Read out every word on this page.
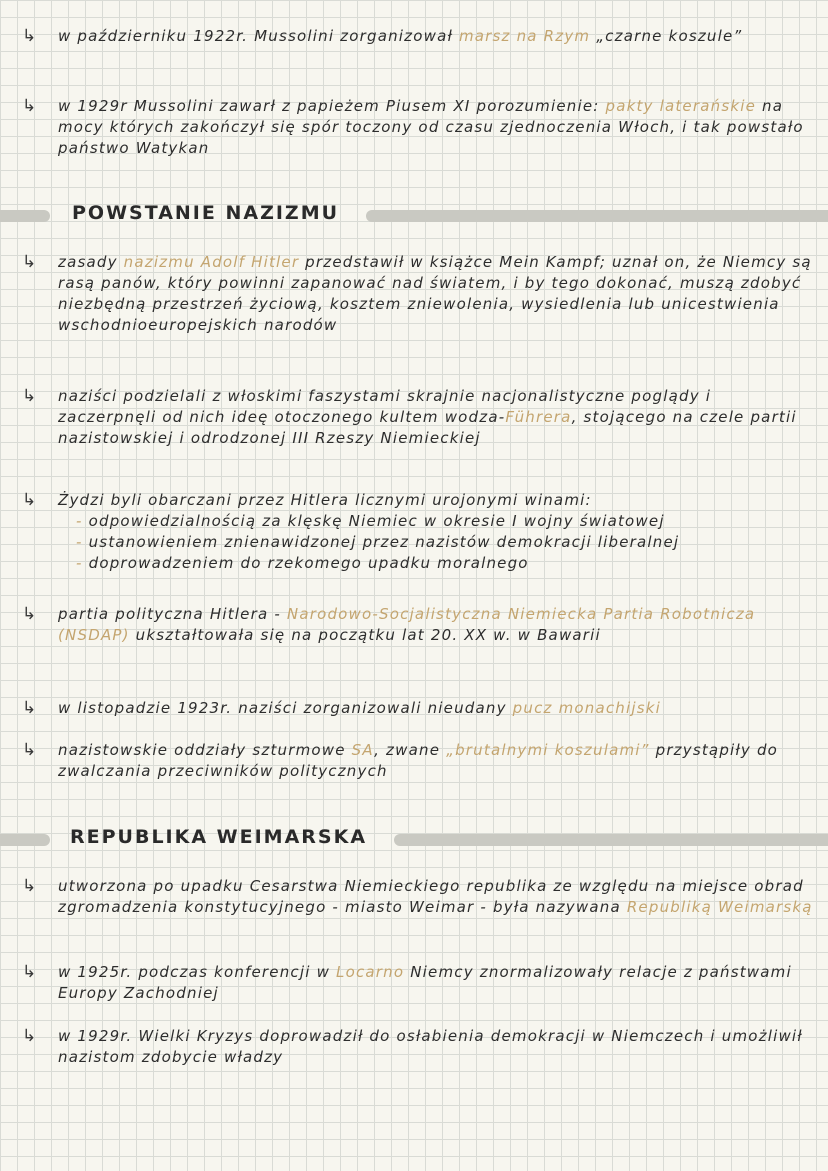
↳	w październiku 1922r. Mussolini zorganizował marsz na Rzym „czarne koszule”
↳	w 1929r Mussolini zawarł z papieżem Piusem XI porozumienie: pakty laterańskie na mocy których zakończył się spór toczony od czasu zjednoczenia Włoch, i tak powstało państwo Watykan
POWSTANIE NAZIZMU
↳	zasady nazizmu Adolf Hitler przedstawił w książce Mein Kampf; uznał on, że Niemcy są rasą panów, który powinni zapanować nad światem, i by tego dokonać, muszą zdobyć niezbędną przestrzeń życiową, kosztem zniewolenia, wysiedlenia lub unicestwienia wschodnioeuropejskich narodów
↳	naziści podzielali z włoskimi faszystami skrajnie nacjonalistyczne poglądy i zaczerpnęli od nich ideę otoczonego kultem wodza-Führera, stojącego na czele partii nazistowskiej i odrodzonej III Rzeszy Niemieckiej
↳	Żydzi byli obarczani przez Hitlera licznymi urojonymi winami:
- odpowiedzialnością za klęskę Niemiec w okresie I wojny światowej
- ustanowieniem znienawidzonej przez nazistów demokracji liberalnej
- doprowadzeniem do rzekomego upadku moralnego
↳	partia polityczna Hitlera - Narodowo-Socjalistyczna Niemiecka Partia Robotnicza (NSDAP) ukształtowała się na początku lat 20. XX w. w Bawarii
↳	w listopadzie 1923r. naziści zorganizowali nieudany pucz monachijski
↳	nazistowskie oddziały szturmowe SA, zwane „brutalnymi koszulami” przystąpiły do zwalczania przeciwników politycznych
REPUBLIKA WEIMARSKA
↳	utworzona po upadku Cesarstwa Niemieckiego republika ze względu na miejsce obrad zgromadzenia konstytucyjnego - miasto Weimar - była nazywana Republiką Weimarską
↳	w 1925r. podczas konferencji w Locarno Niemcy znormalizowały relacje z państwami Europy Zachodniej
↳	w 1929r. Wielki Kryzys doprowadził do osłabienia demokracji w Niemczech i umożliwił nazistom zdobycie władzy
